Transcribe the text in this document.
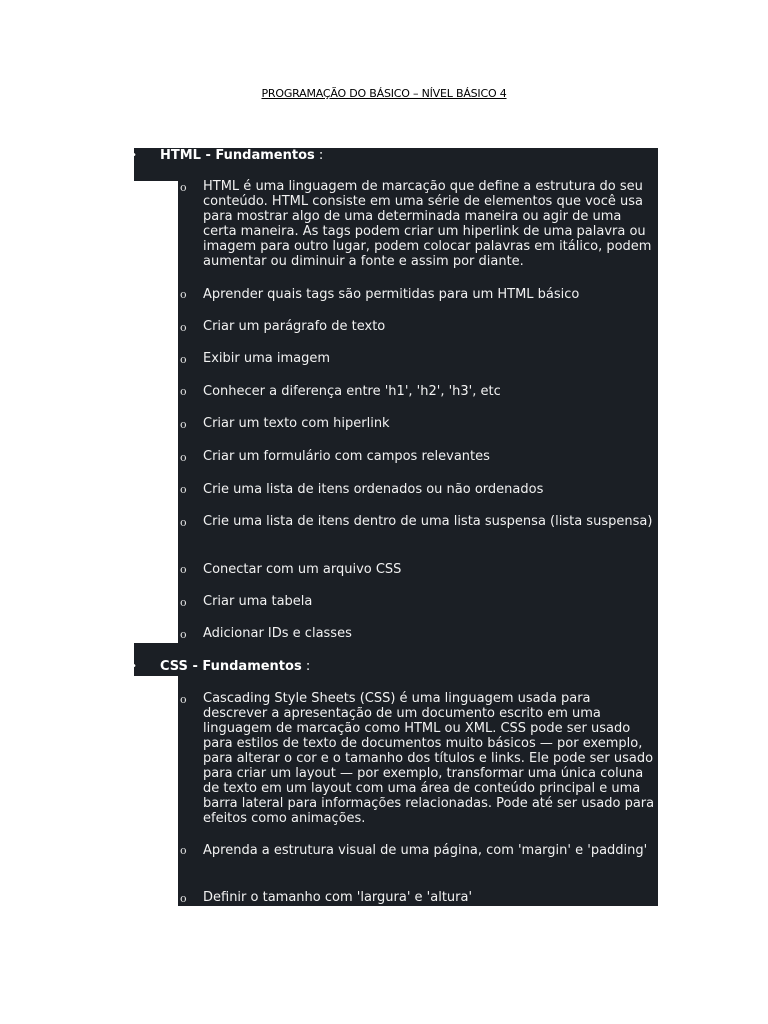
PROGRAMAÇÃO DO BÁSICO – NÍVEL BÁSICO 4
• HTML - Fundamentos :
o HTML é uma linguagem de marcação que define a estrutura do seu conteúdo. HTML consiste em uma série de elementos que você usa para mostrar algo de uma determinada maneira ou agir de uma certa maneira. As tags podem criar um hiperlink de uma palavra ou imagem para outro lugar, podem colocar palavras em itálico, podem aumentar ou diminuir a fonte e assim por diante.
o Aprender quais tags são permitidas para um HTML básico
o Criar um parágrafo de texto
o Exibir uma imagem
o Conhecer a diferença entre 'h1', 'h2', 'h3', etc
o Criar um texto com hiperlink
o Criar um formulário com campos relevantes
o Crie uma lista de itens ordenados ou não ordenados
o Crie uma lista de itens dentro de uma lista suspensa (lista suspensa)
o Conectar com um arquivo CSS
o Criar uma tabela
o Adicionar IDs e classes
• CSS - Fundamentos :
o Cascading Style Sheets (CSS) é uma linguagem usada para descrever a apresentação de um documento escrito em uma linguagem de marcação como HTML ou XML. CSS pode ser usado para estilos de texto de documentos muito básicos — por exemplo, para alterar o cor e o tamanho dos títulos e links. Ele pode ser usado para criar um layout — por exemplo, transformar uma única coluna de texto em um layout com uma área de conteúdo principal e uma barra lateral para informações relacionadas. Pode até ser usado para efeitos como animações.
o Aprenda a estrutura visual de uma página, com 'margin' e 'padding'
o Definir o tamanho com 'largura' e 'altura'
